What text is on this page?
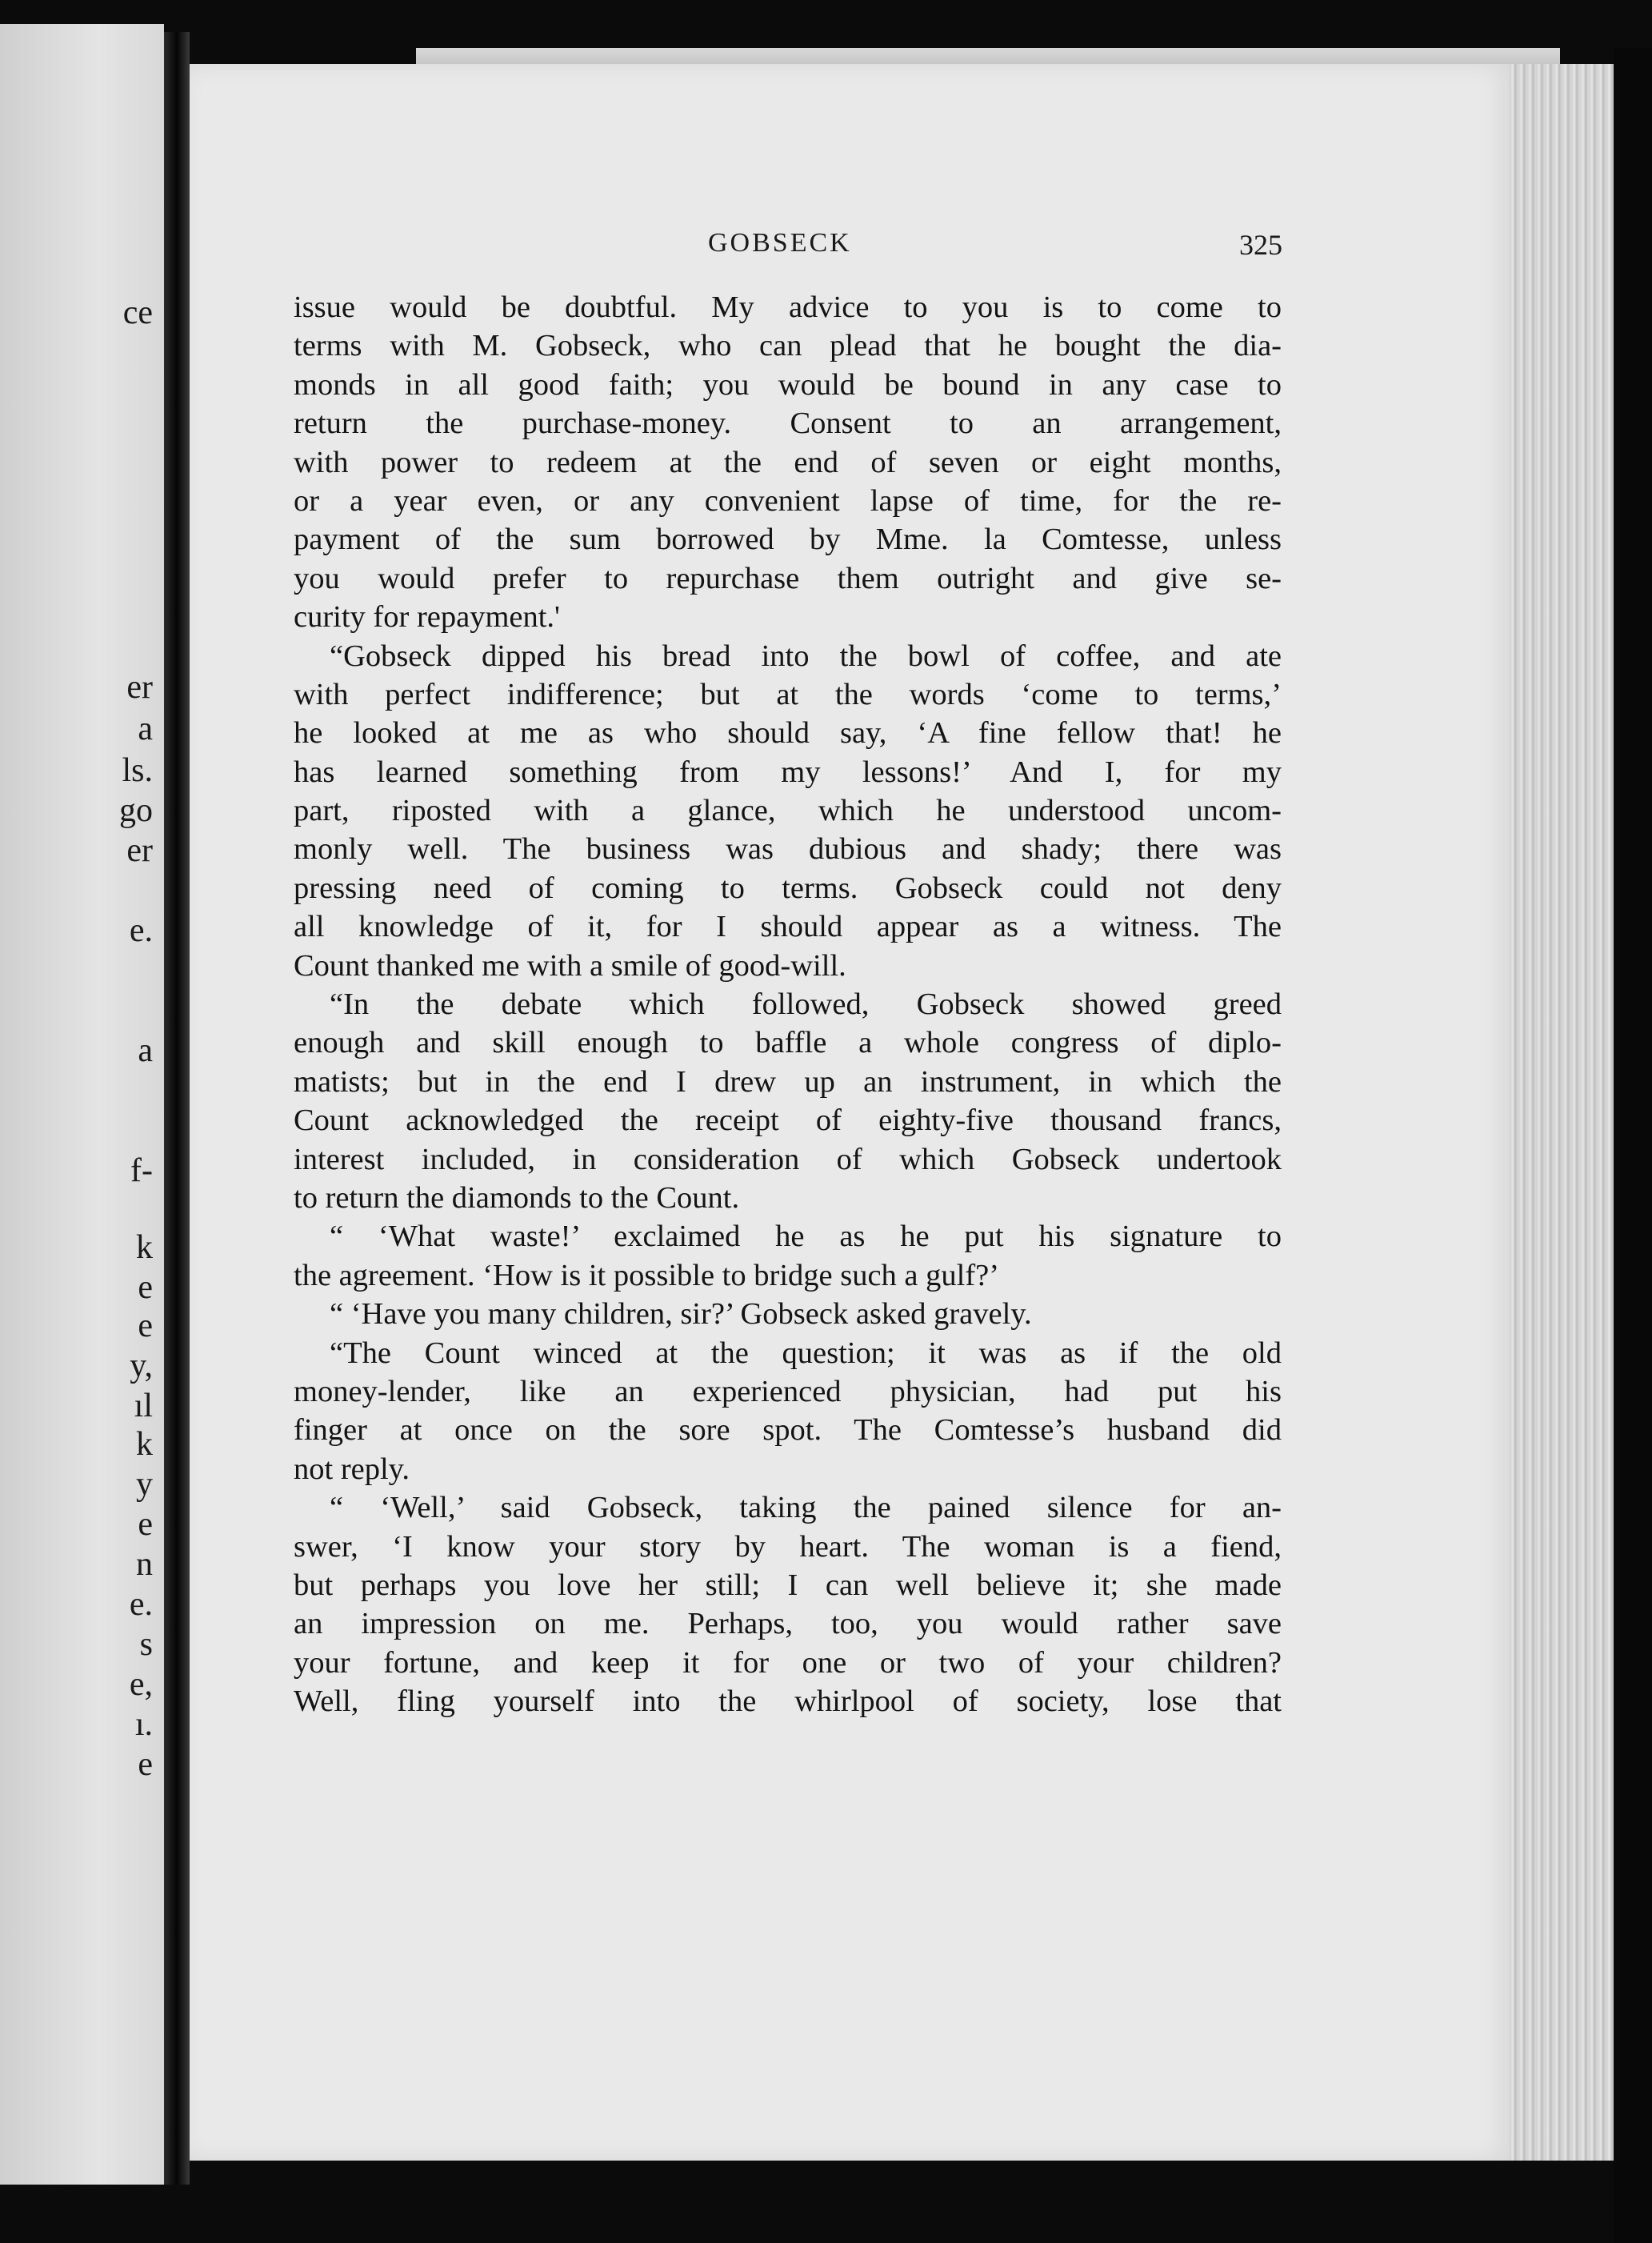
ce
er
a
ls.
go
er
e.
a
f-
k
e
e
y,
ıl
k
y
e
n
e.
s
e,
ı.
e
GOBSECK	325
issue would be doubtful. My advice to you is to come to
terms with M. Gobseck, who can plead that he bought the dia-
monds in all good faith; you would be bound in any case to
return the purchase-money. Consent to an arrangement,
with power to redeem at the end of seven or eight months,
or a year even, or any convenient lapse of time, for the re-
payment of the sum borrowed by Mme. la Comtesse, unless
you would prefer to repurchase them outright and give se-
curity for repayment.'
“Gobseck dipped his bread into the bowl of coffee, and ate
with perfect indifference; but at the words ‘come to terms,’
he looked at me as who should say, ‘A fine fellow that! he
has learned something from my lessons!’ And I, for my
part, riposted with a glance, which he understood uncom-
monly well. The business was dubious and shady; there was
pressing need of coming to terms. Gobseck could not deny
all knowledge of it, for I should appear as a witness. The
Count thanked me with a smile of good-will.
“In the debate which followed, Gobseck showed greed
enough and skill enough to baffle a whole congress of diplo-
matists; but in the end I drew up an instrument, in which the
Count acknowledged the receipt of eighty-five thousand francs,
interest included, in consideration of which Gobseck undertook
to return the diamonds to the Count.
“ ‘What waste!’ exclaimed he as he put his signature to
the agreement. ‘How is it possible to bridge such a gulf?’
“ ‘Have you many children, sir?’ Gobseck asked gravely.
“The Count winced at the question; it was as if the old
money-lender, like an experienced physician, had put his
finger at once on the sore spot. The Comtesse’s husband did
not reply.
“ ‘Well,’ said Gobseck, taking the pained silence for an-
swer, ‘I know your story by heart. The woman is a fiend,
but perhaps you love her still; I can well believe it; she made
an impression on me. Perhaps, too, you would rather save
your fortune, and keep it for one or two of your children?
Well, fling yourself into the whirlpool of society, lose that
